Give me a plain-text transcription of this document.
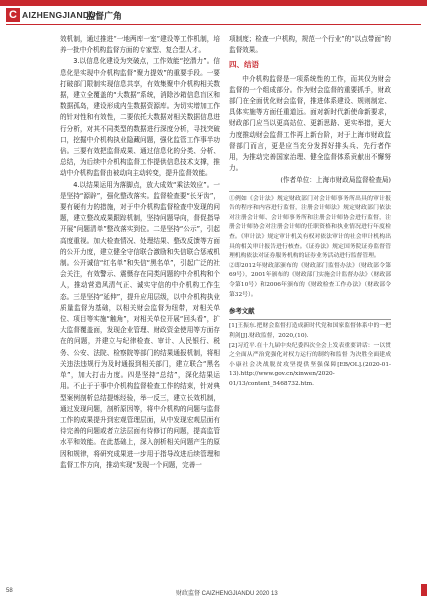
C AIZHENGJIANDU
监督广角

效机制，通过推进“一地两库一室”建设等工作机制，培养一批中介机构监督方面的专家型、复合型人才。

3.以信息化建设为突破点，工作效能“挖潜力”。信息化是实现中介机构监督“聚力提效”的重要手段。一要打破部门限制实现信息共享，有效集聚中介机构相关数据，建立全覆盖的“大数据”系统，消除沙箱信息盲区和数据孤岛，建设形成内生数据资源库。为切实增加工作的针对性和有效性，二要依托大数据对相关数据信息进行分析，对其不同类型的数据进行深度分析，寻找突破口，挖掘中介机构执业隐藏问题，强化监管工作事半功倍。三要有效把监督成果、通过信息化的分类、分析、总结，为后续中介机构监督工作提供信息技术支撑，推动中介机构监督由被动向主动转变，提升监督效能。

4.以结果运用为落脚点，放大成效“乘法效应”。一是坚持“源辟”，强化整改落实。监督检查要“长牙齿”，要有硬有力的措施，对于中介机构监督检查中发现的问题，建立整改成果跟踪机制，坚持问题导向，督促指导开展“问题清单”整改落实到位。二是坚持“公示”，引起高度重视。加大检查情况、处理结果、整改反馈等方面的公开力度，建立健全守信联合激励和失信联合惩戒机制。公开诚信“红名单”和失信“黑名单”，引起广泛的社会关注，有效警示、震慑存在同类问题的中介机构和个人，推动营造风清气正、诚实守信的中介机构工作生态。三是坚持“延伸”，提升应用层级，以中介机构执业质量监督为基础，以相关财会监督为纽带，对相关单位、项目等实施“触角”，对相关单位开展“回头看”，扩大监督覆盖面，发现企业管理、财政资金使用等方面存在的问题，并建立与纪律检查、审计、人民银行、税务、公安、法院、检察院等部门的结果通报机制，将相关违法违规行为及时通报到相关部门，建立联合“黑名单”，加大打击力度。四是坚持“总结”，深化结果运用。不止于于事中介机构监督检查工作的结束，针对典型案例剖析总结提炼经验，举一反三，建立长效机制，通过发现问题，剖析原因等，将中介机构的问题与监督工作的成果提升到宏观管理层面，从中发现宏观层面有待完善的问题或者立法层面有待修订的问题，提高监管水平和效能。在此基础上，深入剖析相关问题产生的原因和规律，将研究成果进一步用于指导改进后续管理和监督工作方向，推动实现“发现一个问题，完善一

项制度；检查一户机构，规范一个行业”的“以点带面”的监督效果。

四、结语

中介机构监督是一项系统性的工作，而其仅为财会监督的一个组成部分。作为财会监督的重要抓手，财政部门在全面优化财会监督，推进体系建设、规则制定、具体实施等方面任重道远。面对新时代新使命新要求，财政部门应当以更高站位、更新思路、更实举措，更大力度推动财会监督工作再上新台阶，对于上海市财政监督部门而言，更是应当充分发挥好排头兵、先行者作用，为推动完善国家治理、健全监督体系贡献出不懈努力。

(作者单位：上海市财政局监督检查局)

①例如《会计法》规定财政部门对会计师事务所出具的审计报告的程序和内容进行监督，注册会计师法》规定财政部门依法对注册会计师、会计师事务所和注册会计师协会进行监督，注册会计师协会对注册会计师的任职资格和执业情况进行年度检查。《审计法》规定审计机关有权对依法审计的社会审计机构出具的相关审计报告进行核查。《证券法》规定国务院证券监督管理机构依法对证券服务机构的证券业务活动进行监督管理。

②即2012年财政部颁布的《财政部门监督办法》（财政部令第69号），2001年颁布的《财政部门实施会计监督办法》（财政部令第10号）和2006年颁布的《财政检查工作办法》（财政部令第32号）。

参考文献

[1]王振东.把财会监督打造成新时代党和国家监督体系中的一把利剑[J].财政监督，2020,(10).

[2]习近平.在十九届中央纪委四次全会上发表重要讲话：一以贯之全面从严治党强化对权力运行的制约和监督 为决胜全面建成小康社会决战脱贫攻坚提供坚强保障[EB/OL].(2020-01-13).http://www.gov.cn/xinwen/2020-01/13/content_5468732.htm.

58	财政监督 CAIZHENGJIANDU 2020 13
